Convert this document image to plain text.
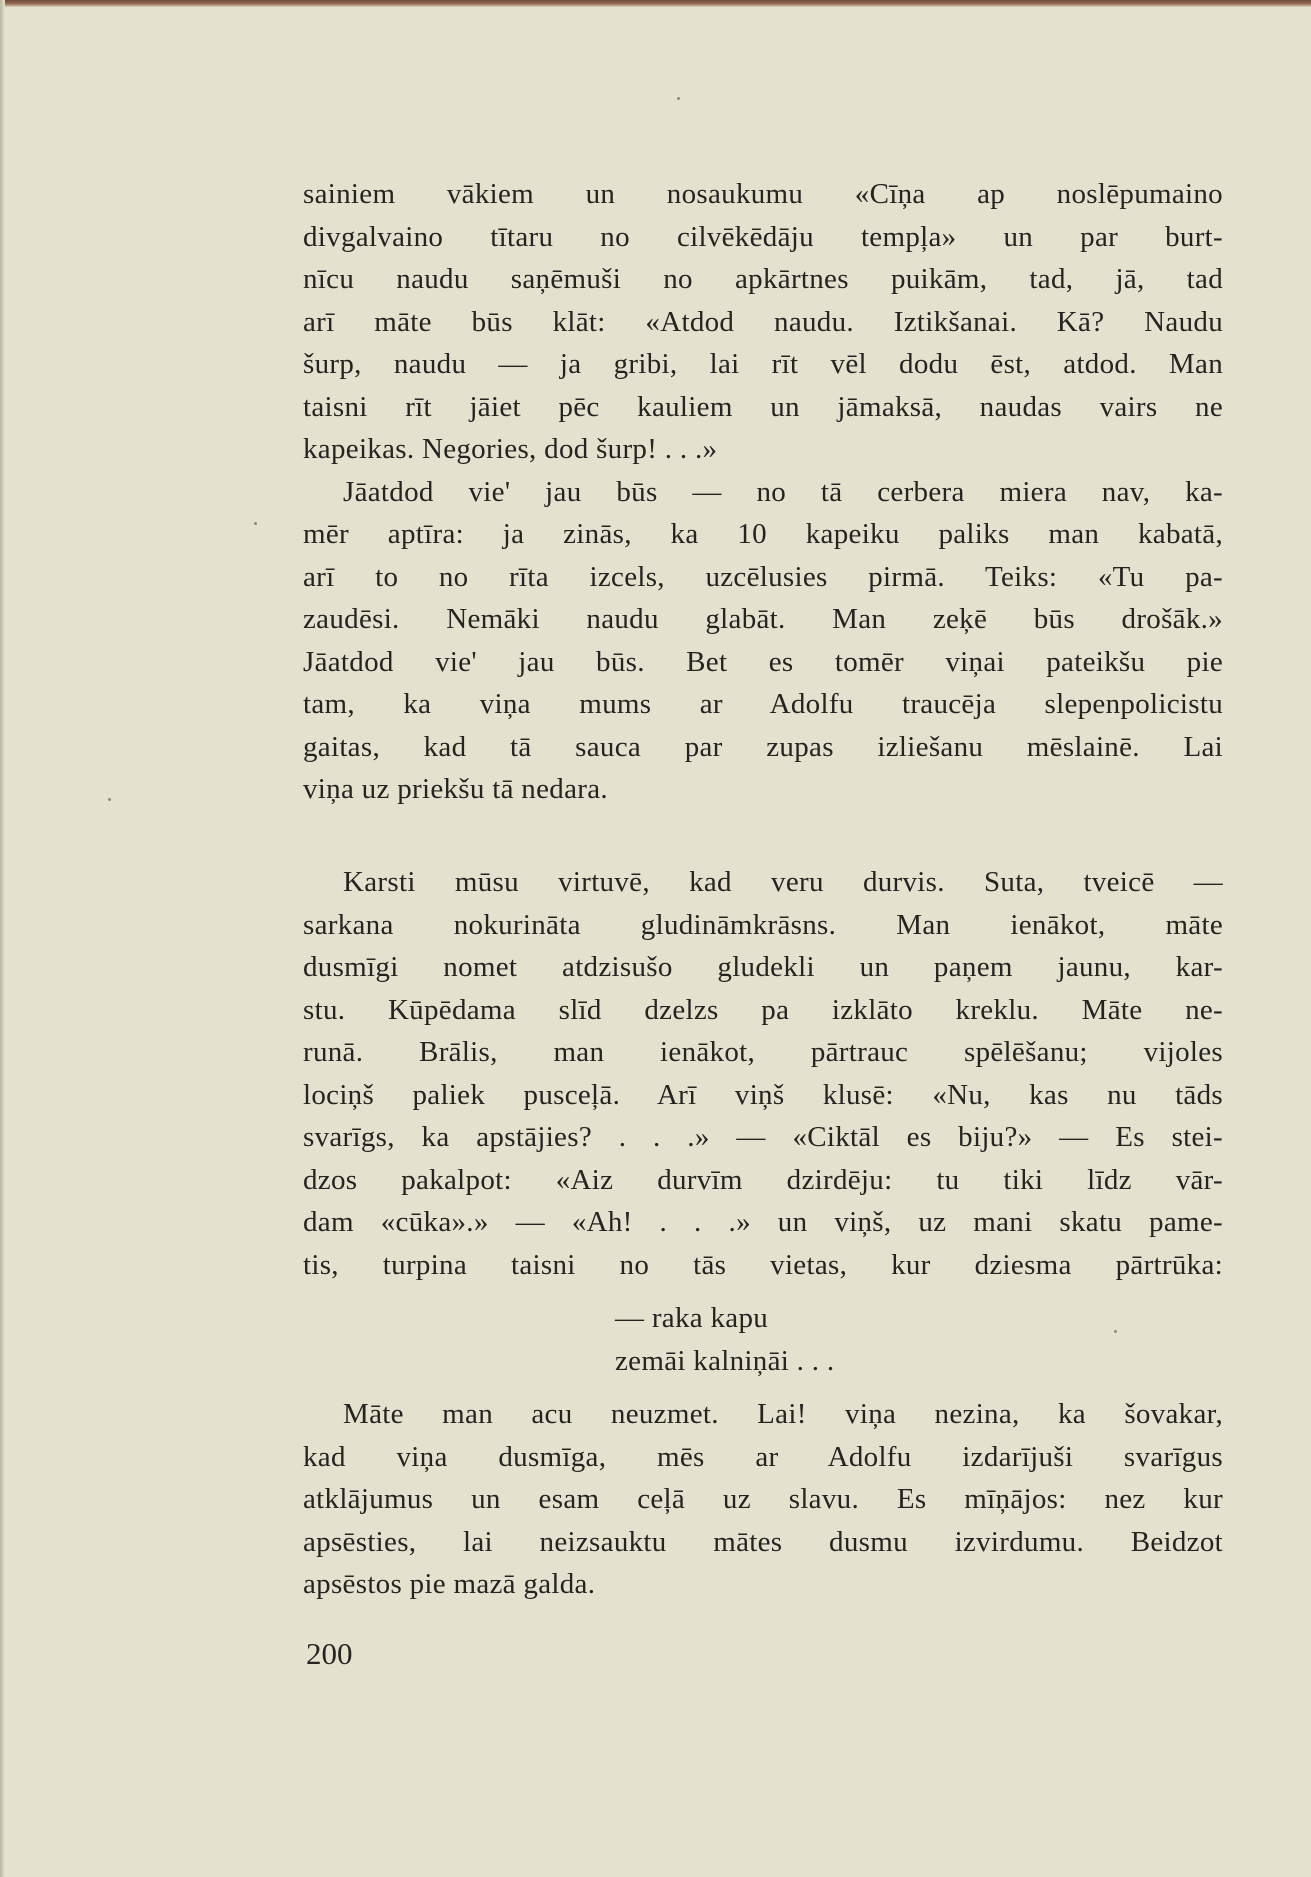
sainiem vākiem un nosaukumu «Cīņa ap noslēpumaino
divgalvaino tītaru no cilvēkēdāju tempļa» un par burt-
nīcu naudu saņēmuši no apkārtnes puikām, tad, jā, tad
arī māte būs klāt: «Atdod naudu. Iztikšanai. Kā? Naudu
šurp, naudu — ja gribi, lai rīt vēl dodu ēst, atdod. Man
taisni rīt jāiet pēc kauliem un jāmaksā, naudas vairs ne
kapeikas. Negories, dod šurp! . . .»
Jāatdod vie' jau būs — no tā cerbera miera nav, ka-
mēr aptīra: ja zinās, ka 10 kapeiku paliks man kabatā,
arī to no rīta izcels, uzcēlusies pirmā. Teiks: «Tu pa-
zaudēsi. Nemāki naudu glabāt. Man zeķē būs drošāk.»
Jāatdod vie' jau būs. Bet es tomēr viņai pateikšu pie
tam, ka viņa mums ar Adolfu traucēja slepenpolicistu
gaitas, kad tā sauca par zupas izliešanu mēslainē. Lai
viņa uz priekšu tā nedara.
Karsti mūsu virtuvē, kad veru durvis. Suta, tveicē —
sarkana nokurināta gludināmkrāsns. Man ienākot, māte
dusmīgi nomet atdzisušo gludekli un paņem jaunu, kar-
stu. Kūpēdama slīd dzelzs pa izklāto kreklu. Māte ne-
runā. Brālis, man ienākot, pārtrauc spēlēšanu; vijoles
lociņš paliek pusceļā. Arī viņš klusē: «Nu, kas nu tāds
svarīgs, ka apstājies? . . .» — «Ciktāl es biju?» — Es stei-
dzos pakalpot: «Aiz durvīm dzirdēju: tu tiki līdz vār-
dam «cūka».» — «Ah! . . .» un viņš, uz mani skatu pame-
tis, turpina taisni no tās vietas, kur dziesma pārtrūka:
— raka kapu
zemāi kalniņāi . . .
Māte man acu neuzmet. Lai! viņa nezina, ka šovakar,
kad viņa dusmīga, mēs ar Adolfu izdarījuši svarīgus
atklājumus un esam ceļā uz slavu. Es mīņājos: nez kur
apsēsties, lai neizsauktu mātes dusmu izvirdumu. Beidzot
apsēstos pie mazā galda.
200
